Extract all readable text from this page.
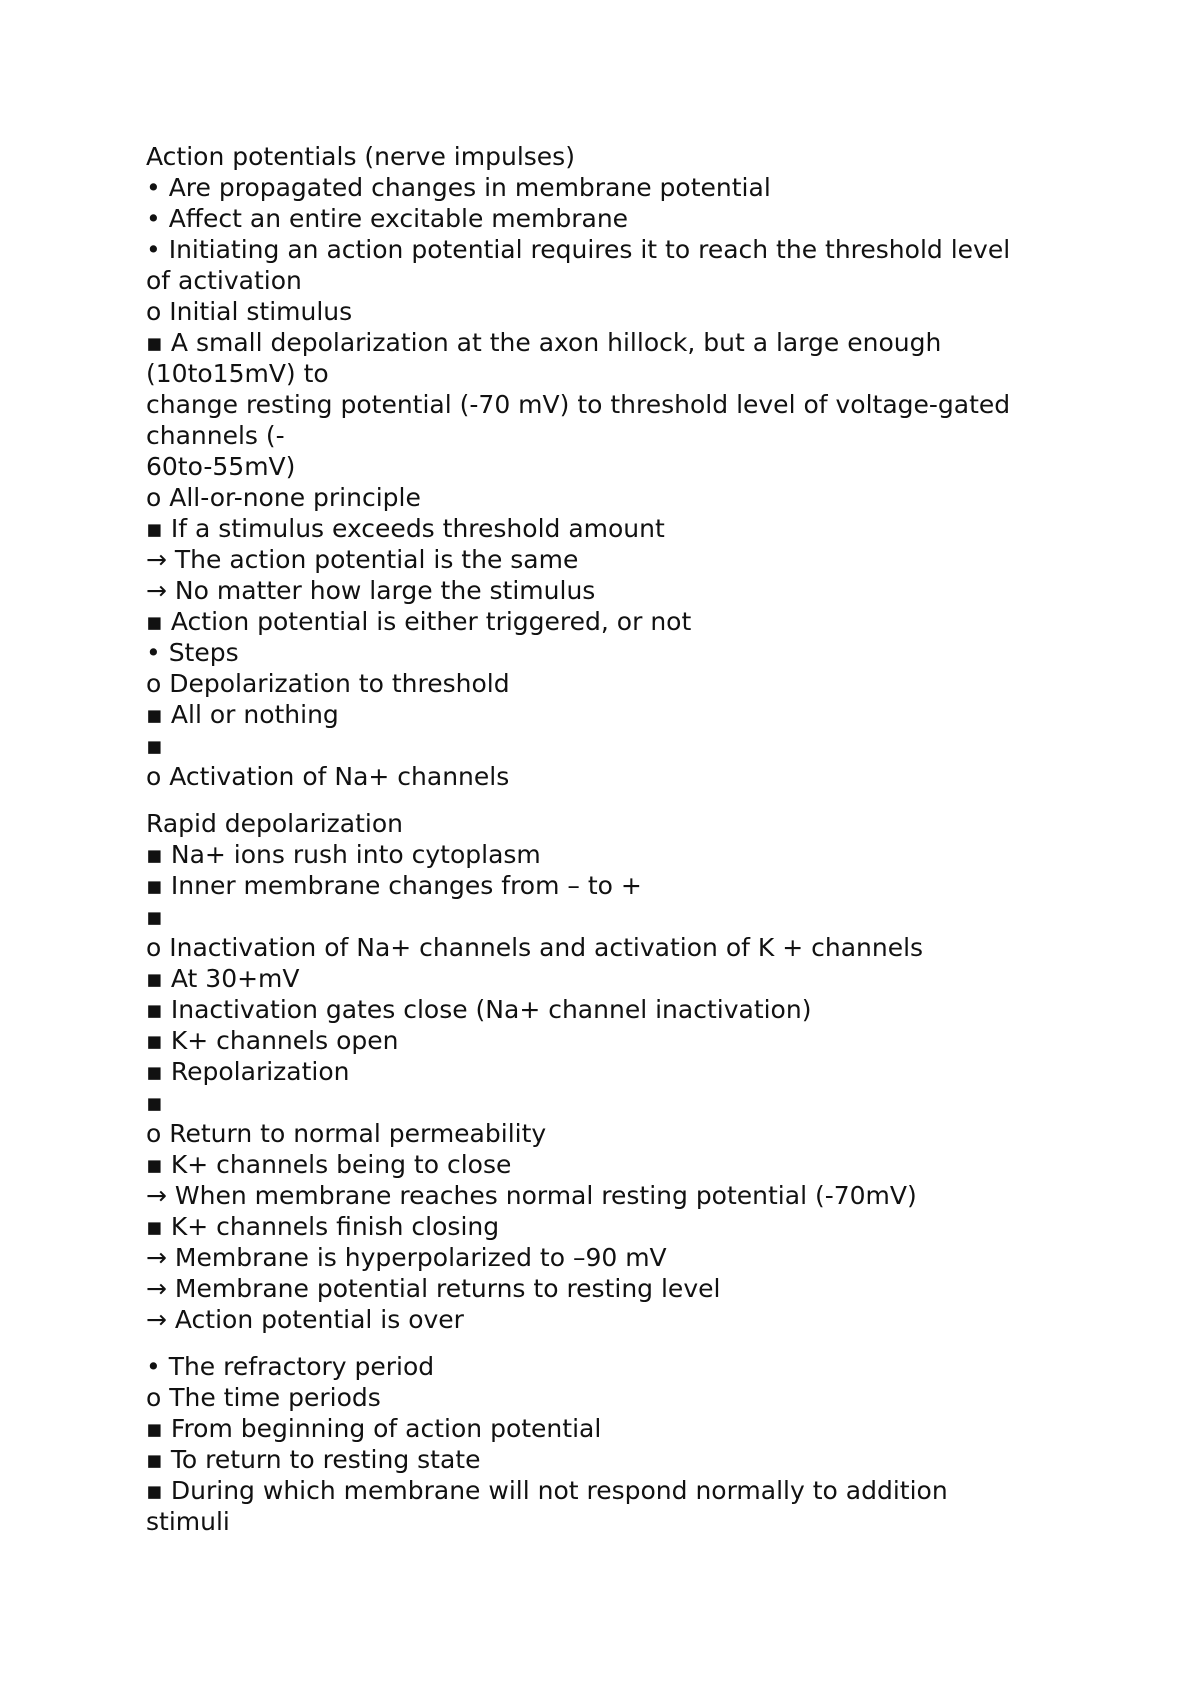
Action potentials (nerve impulses)
• Are propagated changes in membrane potential
• Affect an entire excitable membrane
• Initiating an action potential requires it to reach the threshold level
of activation
o Initial stimulus
▪ A small depolarization at the axon hillock, but a large enough
(10to15mV) to
change resting potential (-70 mV) to threshold level of voltage-gated
channels (-
60to-55mV)
o All-or-none principle
▪ If a stimulus exceeds threshold amount
→ The action potential is the same
→ No matter how large the stimulus
▪ Action potential is either triggered, or not
• Steps
o Depolarization to threshold
▪ All or nothing
▪
o Activation of Na+ channels
Rapid depolarization
▪ Na+ ions rush into cytoplasm
▪ Inner membrane changes from – to +
▪
o Inactivation of Na+ channels and activation of K + channels
▪ At 30+mV
▪ Inactivation gates close (Na+ channel inactivation)
▪ K+ channels open
▪ Repolarization
▪
o Return to normal permeability
▪ K+ channels being to close
→ When membrane reaches normal resting potential (-70mV)
▪ K+ channels finish closing
→ Membrane is hyperpolarized to –90 mV
→ Membrane potential returns to resting level
→ Action potential is over
• The refractory period
o The time periods
▪ From beginning of action potential
▪ To return to resting state
▪ During which membrane will not respond normally to addition
stimuli
